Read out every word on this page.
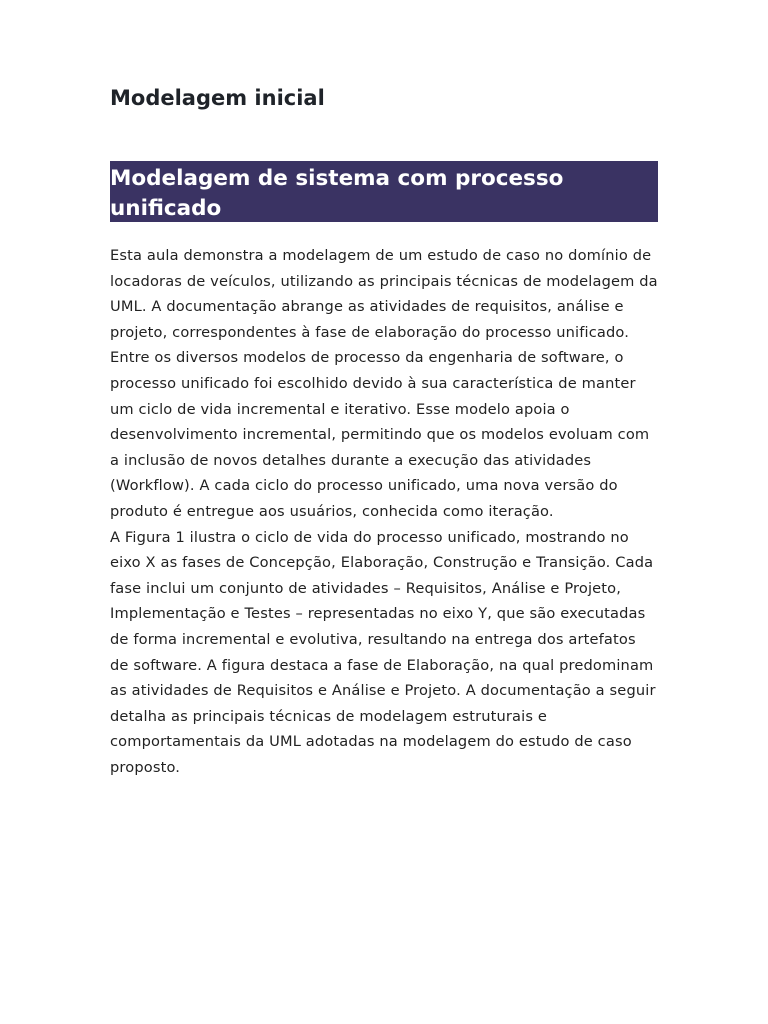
Modelagem inicial
Modelagem de sistema com processo unificado

Esta aula demonstra a modelagem de um estudo de caso no domínio de locadoras de veículos, utilizando as principais técnicas de modelagem da UML. A documentação abrange as atividades de requisitos, análise e projeto, correspondentes à fase de elaboração do processo unificado.

Entre os diversos modelos de processo da engenharia de software, o processo unificado foi escolhido devido à sua característica de manter um ciclo de vida incremental e iterativo. Esse modelo apoia o desenvolvimento incremental, permitindo que os modelos evoluam com a inclusão de novos detalhes durante a execução das atividades (Workflow). A cada ciclo do processo unificado, uma nova versão do produto é entregue aos usuários, conhecida como iteração.

A Figura 1 ilustra o ciclo de vida do processo unificado, mostrando no eixo X as fases de Concepção, Elaboração, Construção e Transição. Cada fase inclui um conjunto de atividades – Requisitos, Análise e Projeto, Implementação e Testes – representadas no eixo Y, que são executadas de forma incremental e evolutiva, resultando na entrega dos artefatos de software. A figura destaca a fase de Elaboração, na qual predominam as atividades de Requisitos e Análise e Projeto. A documentação a seguir detalha as principais técnicas de modelagem estruturais e comportamentais da UML adotadas na modelagem do estudo de caso proposto.
